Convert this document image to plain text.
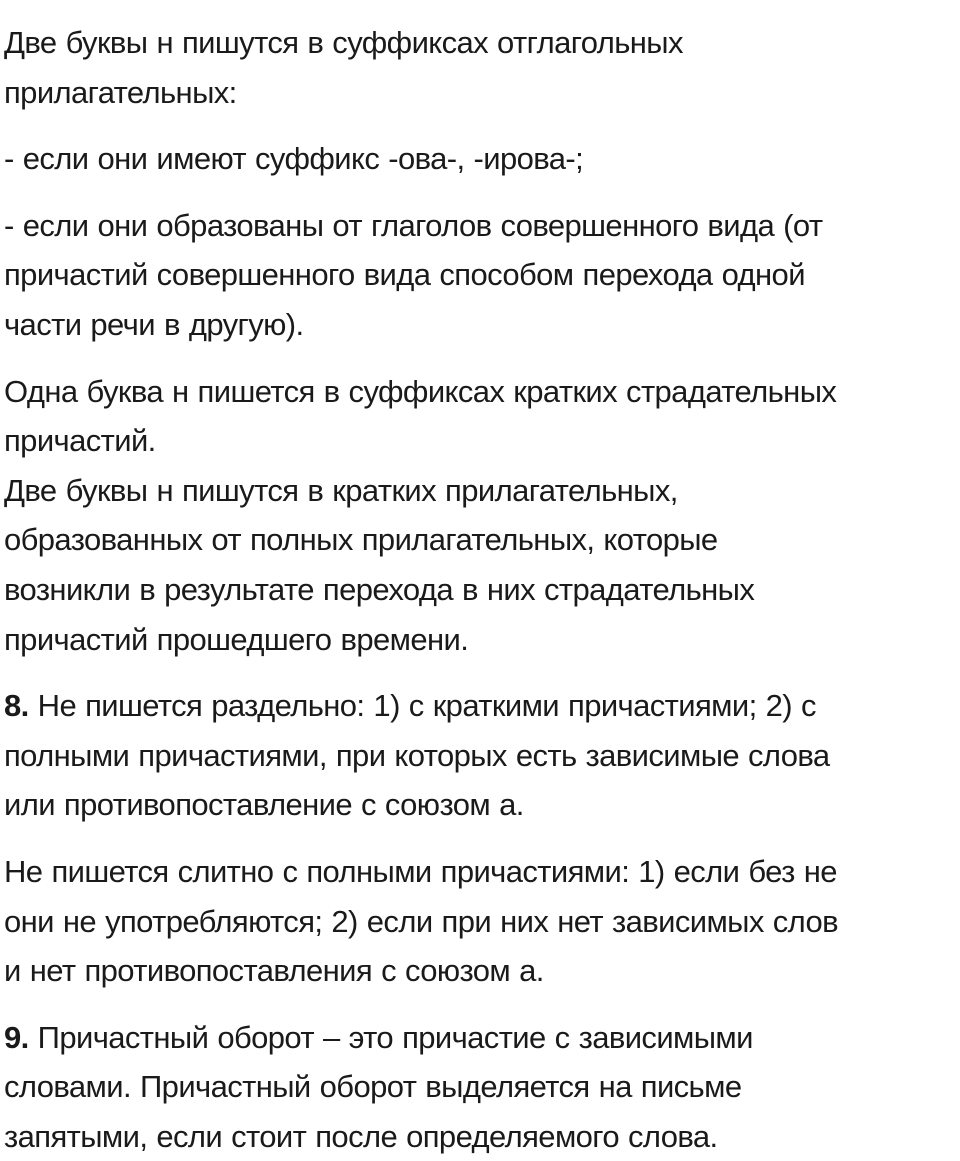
Две буквы н пишутся в суффиксах отглагольных
прилагательных:

- если они имеют суффикс -ова-, -ирова-;

- если они образованы от глаголов совершенного вида (от
причастий совершенного вида способом перехода одной
части речи в другую).

Одна буква н пишется в суффиксах кратких страдательных
причастий.

Две буквы н пишутся в кратких прилагательных,
образованных от полных прилагательных, которые
возникли в результате перехода в них страдательных
причастий прошедшего времени.

8. Не пишется раздельно: 1) с краткими причастиями; 2) с
полными причастиями, при которых есть зависимые слова
или противопоставление с союзом а.

Не пишется слитно с полными причастиями: 1) если без не
они не употребляются; 2) если при них нет зависимых слов
и нет противопоставления с союзом а.

9. Причастный оборот – это причастие с зависимыми
словами. Причастный оборот выделяется на письме
запятыми, если стоит после определяемого слова.
